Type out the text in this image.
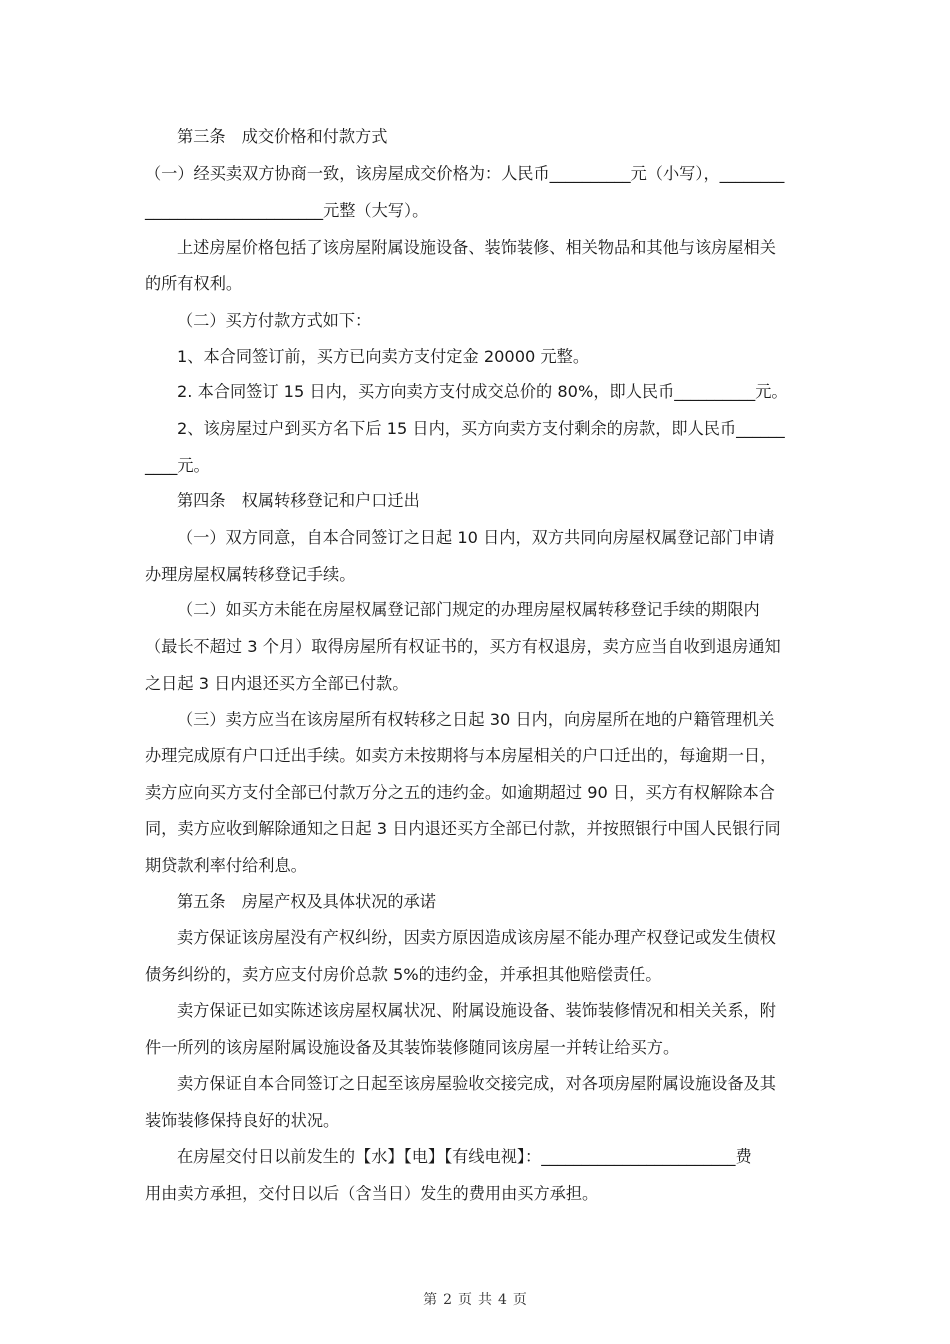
第三条　成交价格和付款方式
（一）经买卖双方协商一致，该房屋成交价格为：人民币__________元（小写），________
______________________元整（大写）。
上述房屋价格包括了该房屋附属设施设备、装饰装修、相关物品和其他与该房屋相关
的所有权利。
（二）买方付款方式如下：
1、本合同签订前，买方已向卖方支付定金 20000 元整。
2. 本合同签订 15 日内，买方向卖方支付成交总价的 80%，即人民币__________元。
2、该房屋过户到买方名下后 15 日内，买方向卖方支付剩余的房款，即人民币______
____元。
第四条　权属转移登记和户口迁出
（一）双方同意，自本合同签订之日起 10 日内，双方共同向房屋权属登记部门申请
办理房屋权属转移登记手续。
（二）如买方未能在房屋权属登记部门规定的办理房屋权属转移登记手续的期限内
（最长不超过 3 个月）取得房屋所有权证书的，买方有权退房，卖方应当自收到退房通知
之日起 3 日内退还买方全部已付款。
（三）卖方应当在该房屋所有权转移之日起 30 日内，向房屋所在地的户籍管理机关
办理完成原有户口迁出手续。如卖方未按期将与本房屋相关的户口迁出的，每逾期一日，
卖方应向买方支付全部已付款万分之五的违约金。如逾期超过 90 日，买方有权解除本合
同，卖方应收到解除通知之日起 3 日内退还买方全部已付款，并按照银行中国人民银行同
期贷款利率付给利息。
第五条　房屋产权及具体状况的承诺
卖方保证该房屋没有产权纠纷，因卖方原因造成该房屋不能办理产权登记或发生债权
债务纠纷的，卖方应支付房价总款 5%的违约金，并承担其他赔偿责任。
卖方保证已如实陈述该房屋权属状况、附属设施设备、装饰装修情况和相关关系，附
件一所列的该房屋附属设施设备及其装饰装修随同该房屋一并转让给买方。
卖方保证自本合同签订之日起至该房屋验收交接完成，对各项房屋附属设施设备及其
装饰装修保持良好的状况。
在房屋交付日以前发生的【水】【电】【有线电视】：________________________费
用由卖方承担，交付日以后（含当日）发生的费用由买方承担。
第 2 页 共 4 页
